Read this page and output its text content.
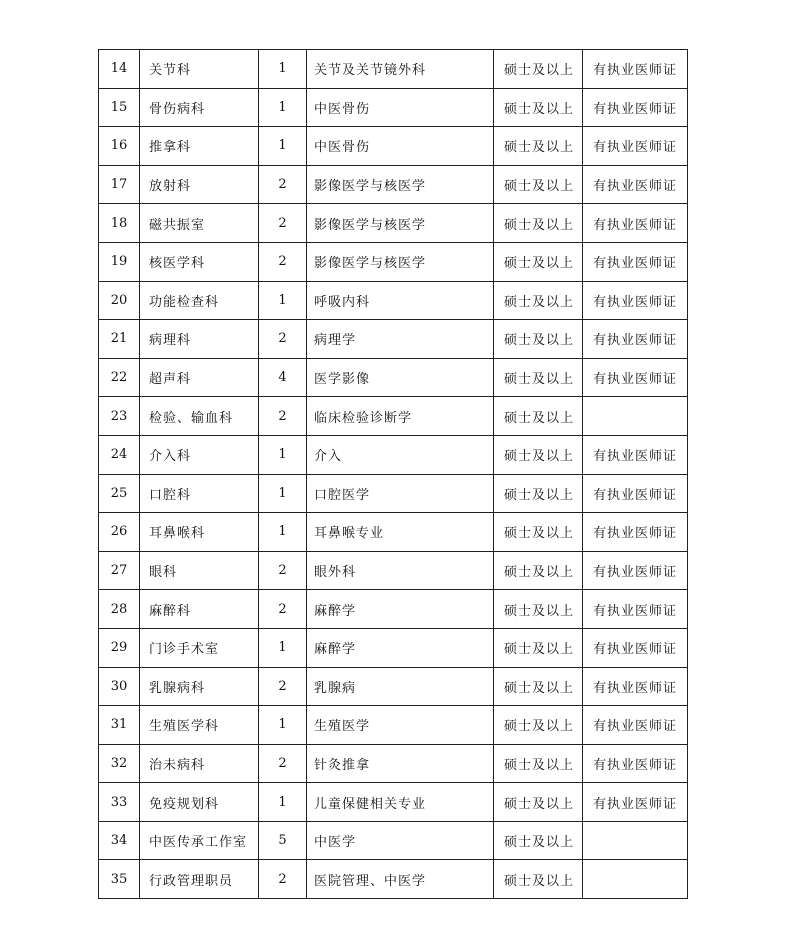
14	关节科	1	关节及关节镜外科	硕士及以上	有执业医师证
15	骨伤病科	1	中医骨伤	硕士及以上	有执业医师证
16	推拿科	1	中医骨伤	硕士及以上	有执业医师证
17	放射科	2	影像医学与核医学	硕士及以上	有执业医师证
18	磁共振室	2	影像医学与核医学	硕士及以上	有执业医师证
19	核医学科	2	影像医学与核医学	硕士及以上	有执业医师证
20	功能检查科	1	呼吸内科	硕士及以上	有执业医师证
21	病理科	2	病理学	硕士及以上	有执业医师证
22	超声科	4	医学影像	硕士及以上	有执业医师证
23	检验、输血科	2	临床检验诊断学	硕士及以上	
24	介入科	1	介入	硕士及以上	有执业医师证
25	口腔科	1	口腔医学	硕士及以上	有执业医师证
26	耳鼻喉科	1	耳鼻喉专业	硕士及以上	有执业医师证
27	眼科	2	眼外科	硕士及以上	有执业医师证
28	麻醉科	2	麻醉学	硕士及以上	有执业医师证
29	门诊手术室	1	麻醉学	硕士及以上	有执业医师证
30	乳腺病科	2	乳腺病	硕士及以上	有执业医师证
31	生殖医学科	1	生殖医学	硕士及以上	有执业医师证
32	治未病科	2	针灸推拿	硕士及以上	有执业医师证
33	免疫规划科	1	儿童保健相关专业	硕士及以上	有执业医师证
34	中医传承工作室	5	中医学	硕士及以上	
35	行政管理职员	2	医院管理、中医学	硕士及以上	
